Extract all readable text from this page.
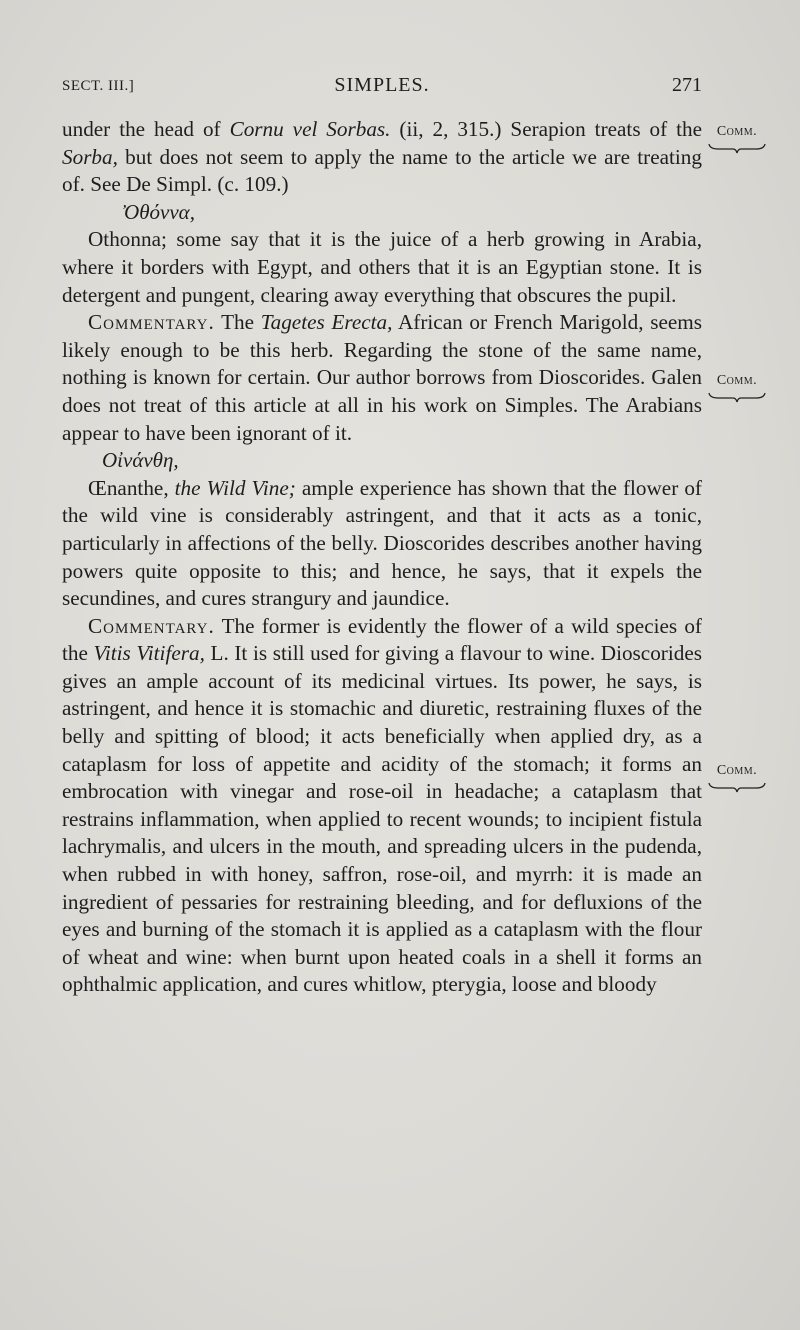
SECT. III.]	SIMPLES.	271

under the head of Cornu vel Sorbas. (ii, 2, 315.) Serapion treats of the Sorba, but does not seem to apply the name to the article we are treating of. See De Simpl. (c. 109.)

Ὀθόννα,

Othonna; some say that it is the juice of a herb growing in Arabia, where it borders with Egypt, and others that it is an Egyptian stone. It is detergent and pungent, clearing away everything that obscures the pupil.

Commentary. The Tagetes Erecta, African or French Marigold, seems likely enough to be this herb. Regarding the stone of the same name, nothing is known for certain. Our author borrows from Dioscorides. Galen does not treat of this article at all in his work on Simples. The Arabians appear to have been ignorant of it.

Οἰνάνθη,

Œnanthe, the Wild Vine; ample experience has shown that the flower of the wild vine is considerably astringent, and that it acts as a tonic, particularly in affections of the belly. Dioscorides describes another having powers quite opposite to this; and hence, he says, that it expels the secundines, and cures strangury and jaundice.

Commentary. The former is evidently the flower of a wild species of the Vitis Vitifera, L. It is still used for giving a flavour to wine. Dioscorides gives an ample account of its medicinal virtues. Its power, he says, is astringent, and hence it is stomachic and diuretic, restraining fluxes of the belly and spitting of blood; it acts beneficially when applied dry, as a cataplasm for loss of appetite and acidity of the stomach; it forms an embrocation with vinegar and rose-oil in headache; a cataplasm that restrains inflammation, when applied to recent wounds; to incipient fistula lachrymalis, and ulcers in the mouth, and spreading ulcers in the pudenda, when rubbed in with honey, saffron, rose-oil, and myrrh: it is made an ingredient of pessaries for restraining bleeding, and for defluxions of the eyes and burning of the stomach it is applied as a cataplasm with the flour of wheat and wine: when burnt upon heated coals in a shell it forms an ophthalmic application, and cures whitlow, pterygia, loose and bloody

Comm.
Comm.
Comm.
